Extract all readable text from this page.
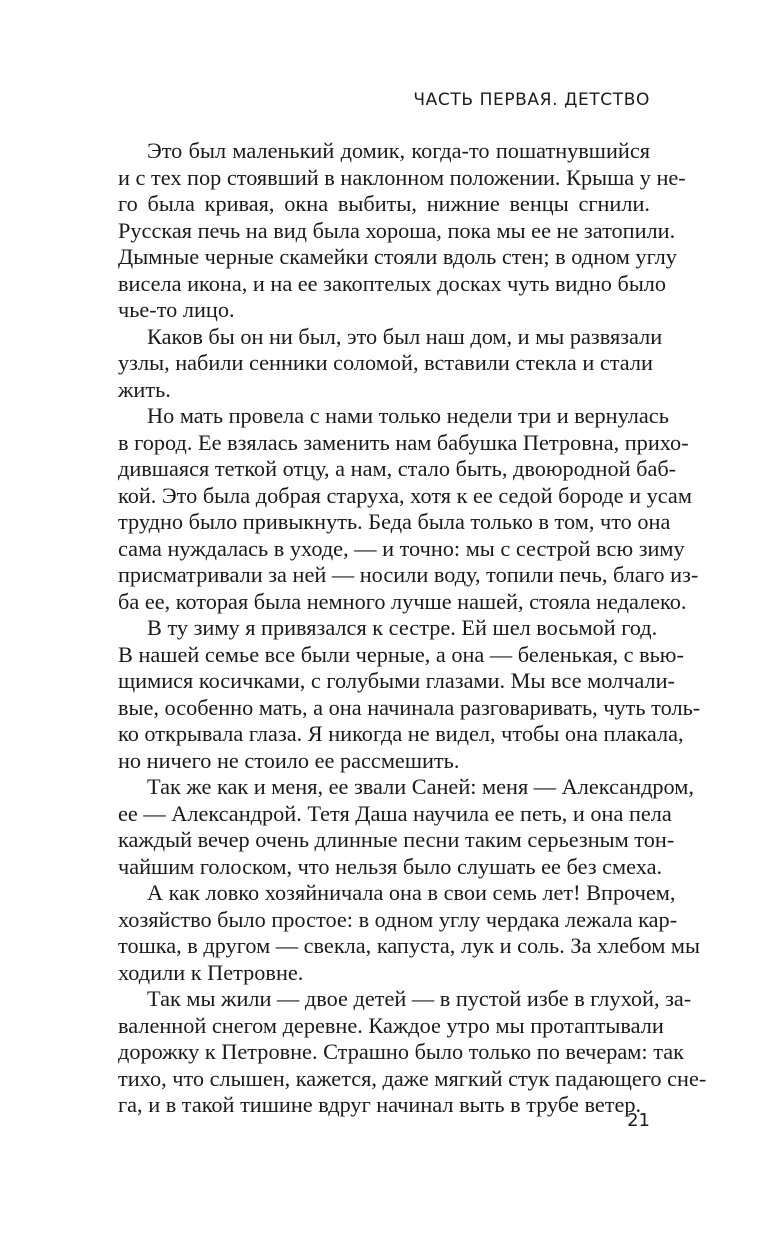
ЧАСТЬ ПЕРВАЯ. ДЕТСТВО

Это был маленький домик, когда-то пошатнувшийся
и с тех пор стоявший в наклонном положении. Крыша у не-
го была кривая, окна выбиты, нижние венцы сгнили.
Русская печь на вид была хороша, пока мы ее не затопили.
Дымные черные скамейки стояли вдоль стен; в одном углу
висела икона, и на ее закоптелых досках чуть видно было
чье-то лицо.

Каков бы он ни был, это был наш дом, и мы развязали
узлы, набили сенники соломой, вставили стекла и стали
жить.

Но мать провела с нами только недели три и вернулась
в город. Ее взялась заменить нам бабушка Петровна, прихо-
дившаяся теткой отцу, а нам, стало быть, двоюродной баб-
кой. Это была добрая старуха, хотя к ее седой бороде и усам
трудно было привыкнуть. Беда была только в том, что она
сама нуждалась в уходе, — и точно: мы с сестрой всю зиму
присматривали за ней — носили воду, топили печь, благо из-
ба ее, которая была немного лучше нашей, стояла недалеко.

В ту зиму я привязался к сестре. Ей шел восьмой год.
В нашей семье все были черные, а она — беленькая, с вью-
щимися косичками, с голубыми глазами. Мы все молчали-
вые, особенно мать, а она начинала разговаривать, чуть толь-
ко открывала глаза. Я никогда не видел, чтобы она плакала,
но ничего не стоило ее рассмешить.

Так же как и меня, ее звали Саней: меня — Александром,
ее — Александрой. Тетя Даша научила ее петь, и она пела
каждый вечер очень длинные песни таким серьезным тон-
чайшим голоском, что нельзя было слушать ее без смеха.

А как ловко хозяйничала она в свои семь лет! Впрочем,
хозяйство было простое: в одном углу чердака лежала кар-
тошка, в другом — свекла, капуста, лук и соль. За хлебом мы
ходили к Петровне.

Так мы жили — двое детей — в пустой избе в глухой, за-
валенной снегом деревне. Каждое утро мы протаптывали
дорожку к Петровне. Страшно было только по вечерам: так
тихо, что слышен, кажется, даже мягкий стук падающего сне-
га, и в такой тишине вдруг начинал выть в трубе ветер.

21
